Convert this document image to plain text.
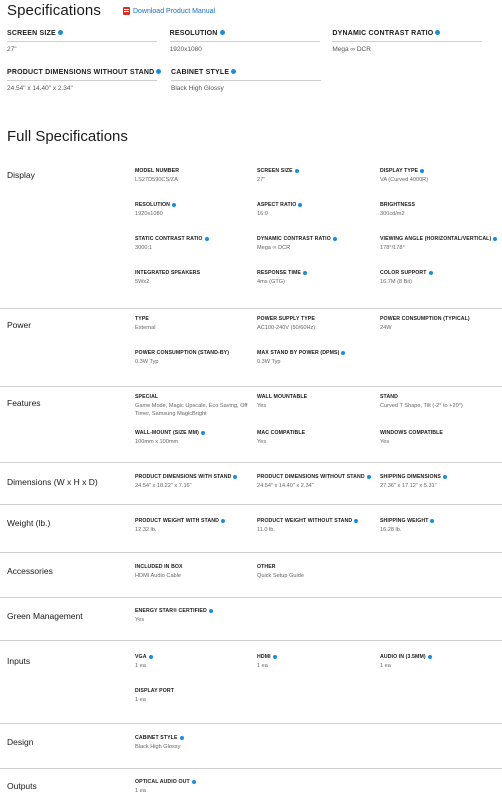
Specifications	Download Product Manual
SCREEN SIZE
27"
RESOLUTION
1920x1080
DYNAMIC CONTRAST RATIO
Mega ∞ DCR
PRODUCT DIMENSIONS WITHOUT STAND
24.54" x 14.40" x 2.34"
CABINET STYLE
Black High Glossy
Full Specifications
Display	MODEL NUMBER
LS27D590CS/ZA
SCREEN SIZE
27"
DISPLAY TYPE
VA (Curved 4000R)
RESOLUTION
1920x1080
ASPECT RATIO
16:9
BRIGHTNESS
300cd/m2
STATIC CONTRAST RATIO
3000:1
DYNAMIC CONTRAST RATIO
Mega ∞ DCR
VIEWING ANGLE (HORIZONTAL/VERTICAL)
178°/178°
INTEGRATED SPEAKERS
5Wx2
RESPONSE TIME
4ms (GTG)
COLOR SUPPORT
16.7M (8 Bit)
Power
TYPE
External
POWER SUPPLY TYPE
AC100-240V (50/60Hz)
POWER CONSUMPTION (TYPICAL)
24W
POWER CONSUMPTION (STAND-BY)
0.3W Typ
MAX STAND BY POWER (DPMS)
0.3W Typ
Features
SPECIAL
Game Mode, Magic Upscale, Eco Saving, Off Timer, Samsung MagicBright
WALL MOUNTABLE
Yes
STAND
Curved T Shape, Tilt (-2° to +20°)
WALL-MOUNT (SIZE MM)
100mm x 100mm
MAC COMPATIBLE
Yes
WINDOWS COMPATIBLE
Yes
Dimensions (W x H x D)	PRODUCT DIMENSIONS WITH STAND
24.54" x 18.22" x 7.16"
PRODUCT DIMENSIONS WITHOUT STAND
24.54" x 14.40" x 2.34"
SHIPPING DIMENSIONS
27.36" x 17.12" x 5.31"
Weight (lb.)	PRODUCT WEIGHT WITH STAND
12.32 lb.
PRODUCT WEIGHT WITHOUT STAND
11.0 lb.
SHIPPING WEIGHT
16.28 lb.
Accessories	INCLUDED IN BOX
HDMI Audio Cable
OTHER
Quick Setup Guide
Green Management	ENERGY STAR® CERTIFIED
Yes
Inputs	VGA
1 ea
HDMI
1 ea
AUDIO IN (3.5MM)
1 ea
DISPLAY PORT
1 ea
Design	CABINET STYLE
Black High Glossy
Outputs	OPTICAL AUDIO OUT
1 ea
